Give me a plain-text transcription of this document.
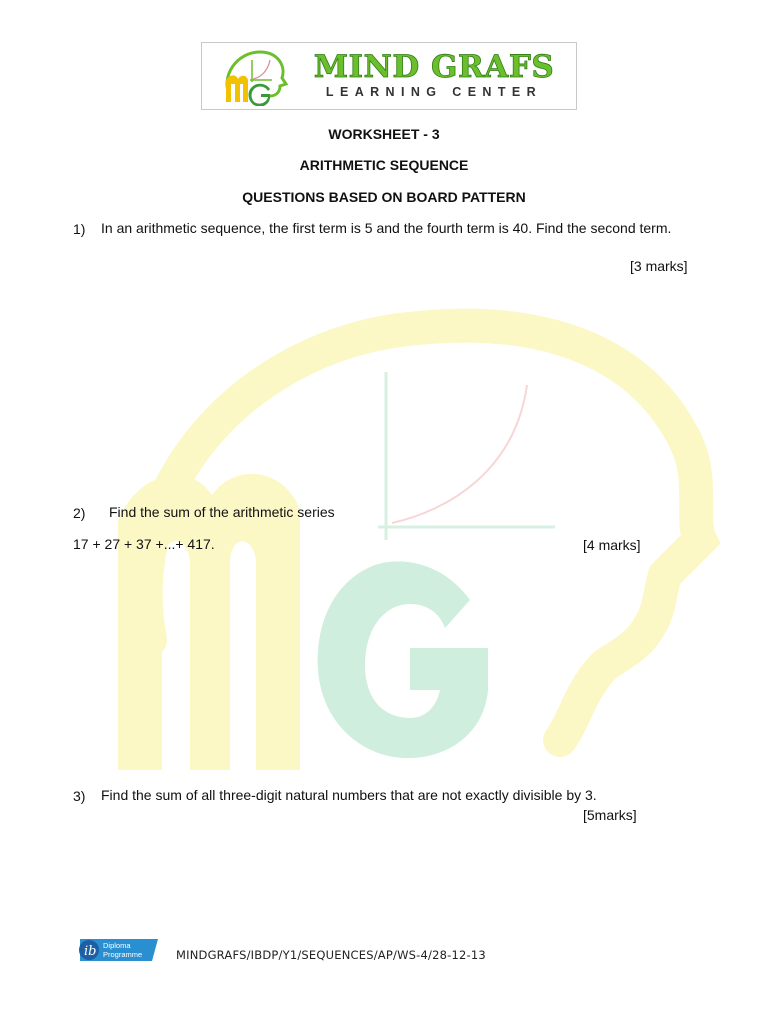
MIND GRAFS
LEARNING CENTER
WORKSHEET - 3
ARITHMETIC SEQUENCE
QUESTIONS BASED ON BOARD PATTERN
1) In an arithmetic sequence, the first term is 5 and the fourth term is 40. Find the second term.
[3 marks]
2) Find the sum of the arithmetic series
17 + 27 + 37 +...+ 417.	[4 marks]
3) Find the sum of all three-digit natural numbers that are not exactly divisible by 3.
[5marks]
ib Diploma
Programme	MINDGRAFS/IBDP/Y1/SEQUENCES/AP/WS-4/28-12-13
